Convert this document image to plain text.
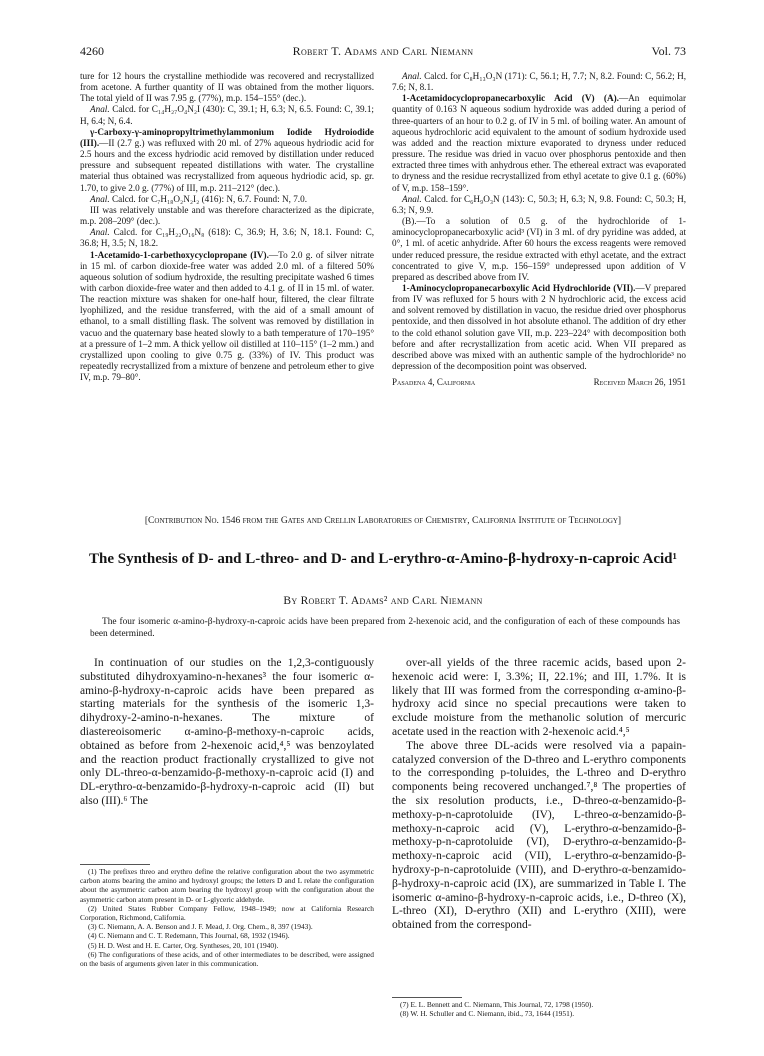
4260	Robert T. Adams and Carl Niemann	Vol. 73

ture for 12 hours the crystalline methiodide was recovered and recrystallized from acetone. A further quantity of II was obtained from the mother liquors. The total yield of II was 7.95 g. (77%), m.p. 154–155° (dec.).

Anal. Calcd. for C₁₄H₂₇O₄N₂I (430): C, 39.1; H, 6.3; N, 6.5. Found: C, 39.1; H, 6.4; N, 6.4.

γ-Carboxy-γ-aminopropyltrimethylammonium Iodide Hydroiodide (III).—II (2.7 g.) was refluxed with 20 ml. of 27% aqueous hydriodic acid for 2.5 hours and the excess hydriodic acid removed by distillation under reduced pressure and subsequent repeated distillations with water. The crystalline material thus obtained was recrystallized from aqueous hydriodic acid, sp. gr. 1.70, to give 2.0 g. (77%) of III, m.p. 211–212° (dec.).

Anal. Calcd. for C₇H₁₈O₂N₂I₂ (416): N, 6.7. Found: N, 7.0.

III was relatively unstable and was therefore characterized as the dipicrate, m.p. 208–209° (dec.).

Anal. Calcd. for C₁₉H₂₂O₁₆N₈ (618): C, 36.9; H, 3.6; N, 18.1. Found: C, 36.8; H, 3.5; N, 18.2.

1-Acetamido-1-carbethoxycyclopropane (IV).—To 2.0 g. of silver nitrate in 15 ml. of carbon dioxide-free water was added 2.0 ml. of a filtered 50% aqueous solution of sodium hydroxide, the resulting precipitate washed 6 times with carbon dioxide-free water and then added to 4.1 g. of II in 15 ml. of water. The reaction mixture was shaken for one-half hour, filtered, the clear filtrate lyophilized, and the residue transferred, with the aid of a small amount of ethanol, to a small distilling flask. The solvent was removed by distillation in vacuo and the quaternary base heated slowly to a bath temperature of 170–195° at a pressure of 1–2 mm. A thick yellow oil distilled at 110–115° (1–2 mm.) and crystallized upon cooling to give 0.75 g. (33%) of IV. This product was repeatedly recrystallized from a mixture of benzene and petroleum ether to give IV, m.p. 79–80°.

Anal. Calcd. for C₈H₁₃O₃N (171): C, 56.1; H, 7.7; N, 8.2. Found: C, 56.2; H, 7.6; N, 8.1.

1-Acetamidocyclopropanecarboxylic Acid (V) (A).—An equimolar quantity of 0.163 N aqueous sodium hydroxide was added during a period of three-quarters of an hour to 0.2 g. of IV in 5 ml. of boiling water. An amount of aqueous hydrochloric acid equivalent to the amount of sodium hydroxide used was added and the reaction mixture evaporated to dryness under reduced pressure. The residue was dried in vacuo over phosphorus pentoxide and then extracted three times with anhydrous ether. The ethereal extract was evaporated to dryness and the residue recrystallized from ethyl acetate to give 0.1 g. (60%) of V, m.p. 158–159°.

Anal. Calcd. for C₆H₉O₃N (143): C, 50.3; H, 6.3; N, 9.8. Found: C, 50.3; H, 6.3; N, 9.9.

(B).—To a solution of 0.5 g. of the hydrochloride of 1-aminocyclopropanecarboxylic acid³ (VI) in 3 ml. of dry pyridine was added, at 0°, 1 ml. of acetic anhydride. After 60 hours the excess reagents were removed under reduced pressure, the residue extracted with ethyl acetate, and the extract concentrated to give V, m.p. 156–159° undepressed upon addition of V prepared as described above from IV.

1-Aminocyclopropanecarboxylic Acid Hydrochloride (VII).—V prepared from IV was refluxed for 5 hours with 2 N hydrochloric acid, the excess acid and solvent removed by distillation in vacuo, the residue dried over phosphorus pentoxide, and then dissolved in hot absolute ethanol. The addition of dry ether to the cold ethanol solution gave VII, m.p. 223–224° with decomposition both before and after recrystallization from acetic acid. When VII prepared as described above was mixed with an authentic sample of the hydrochloride³ no depression of the decomposition point was observed.

Pasadena 4, California	Received March 26, 1951
[Contribution No. 1546 from the Gates and Crellin Laboratories of Chemistry, California Institute of Technology]
The Synthesis of D- and L-threo- and D- and L-erythro-α-Amino-β-hydroxy-n-caproic Acid¹
By Robert T. Adams² and Carl Niemann
The four isomeric α-amino-β-hydroxy-n-caproic acids have been prepared from 2-hexenoic acid, and the configuration of each of these compounds has been determined.

In continuation of our studies on the 1,2,3-contiguously substituted dihydroxyamino-n-hexanes³ the four isomeric α-amino-β-hydroxy-n-caproic acids have been prepared as starting materials for the synthesis of the isomeric 1,3-dihydroxy-2-amino-n-hexanes. The mixture of diastereoisomeric α-amino-β-methoxy-n-caproic acids, obtained as before from 2-hexenoic acid,⁴,⁵ was benzoylated and the reaction product fractionally crystallized to give not only DL-threo-α-benzamido-β-methoxy-n-caproic acid (I) and DL-erythro-α-benzamido-β-hydroxy-n-caproic acid (II) but also (III).⁶ The

(1) The prefixes threo and erythro define the relative configuration about the two asymmetric carbon atoms bearing the amino and hydroxyl groups; the letters D and L relate the configuration about the asymmetric carbon atom bearing the hydroxyl group with the configuration about the asymmetric carbon atom present in D- or L-glyceric aldehyde.

(2) United States Rubber Company Fellow, 1948–1949; now at California Research Corporation, Richmond, California.

(3) C. Niemann, A. A. Benson and J. F. Mead, J. Org. Chem., 8, 397 (1943).

(4) C. Niemann and C. T. Redemann, This Journal, 68, 1932 (1946).

(5) H. D. West and H. E. Carter, Org. Syntheses, 20, 101 (1940).

(6) The configurations of these acids, and of other intermediates to be described, were assigned on the basis of arguments given later in this communication.

over-all yields of the three racemic acids, based upon 2-hexenoic acid were: I, 3.3%; II, 22.1%; and III, 1.7%. It is likely that III was formed from the corresponding α-amino-β-hydroxy acid since no special precautions were taken to exclude moisture from the methanolic solution of mercuric acetate used in the reaction with 2-hexenoic acid.⁴,⁵

The above three DL-acids were resolved via a papain-catalyzed conversion of the D-threo and L-erythro components to the corresponding p-toluides, the L-threo and D-erythro components being recovered unchanged.⁷,⁸ The properties of the six resolution products, i.e., D-threo-α-benzamido-β-methoxy-p-n-caprotoluide (IV), L-threo-α-benzamido-β-methoxy-n-caproic acid (V), L-erythro-α-benzamido-β-methoxy-p-n-caprotoluide (VI), D-erythro-α-benzamido-β-methoxy-n-caproic acid (VII), L-erythro-α-benzamido-β-hydroxy-p-n-caprotoluide (VIII), and D-erythro-α-benzamido-β-hydroxy-n-caproic acid (IX), are summarized in Table I. The isomeric α-amino-β-hydroxy-n-caproic acids, i.e., D-threo (X), L-threo (XI), D-erythro (XII) and L-erythro (XIII), were obtained from the correspond-

(7) E. L. Bennett and C. Niemann, This Journal, 72, 1798 (1950).

(8) W. H. Schuller and C. Niemann, ibid., 73, 1644 (1951).
